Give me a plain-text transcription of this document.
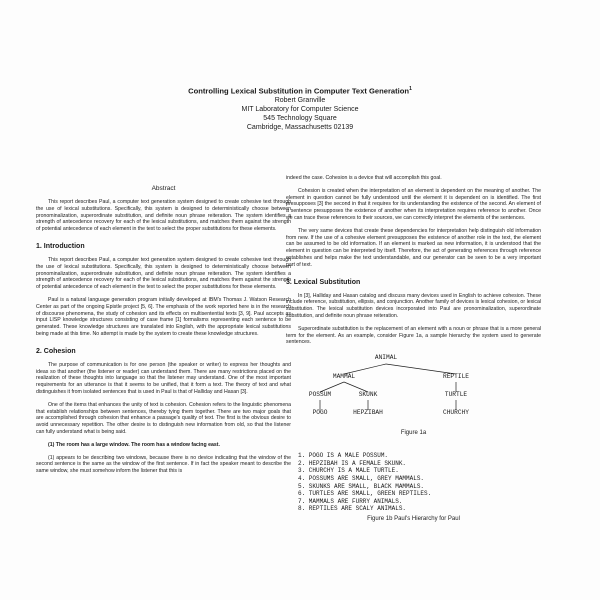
Controlling Lexical Substitution in Computer Text Generation$^1$

Robert Granville

MIT Laboratory for Computer Science

545 Technology Square

Cambridge, Massachusetts 02139

Abstract

This report describes Paul, a computer text generation system designed to create cohesive text through the use of lexical substitutions. Specifically, this system is designed to deterministically choose between pronominalization, superordinate substitution, and definite noun phrase reiteration. The system identifies a strength of antecedence recovery for each of the lexical substitutions, and matches them against the strength of potential antecedence of each element in the text to select the proper substitutions for these elements.

1. Introduction

This report describes Paul, a computer text generation system designed to create cohesive text through the use of lexical substitutions. Specifically, this system is designed to deterministically choose between pronominalization, superordinate substitution, and definite noun phrase reiteration. The system identifies a strength of antecedence recovery for each of the lexical substitutions, and matches them against the strength of potential antecedence of each element in the text to select the proper substitutions for these elements.

Paul is a natural language generation program initially developed at IBM's Thomas J. Watson Research Center as part of the ongoing Epistle project [5, 6]. The emphasis of the work reported here is in the research of discourse phenomena, the study of cohesion and its effects on multisentential texts [3, 9]. Paul accepts as input LISP knowledge structures consisting of case frame [1] formalisms representing each sentence to be generated. These knowledge structures are translated into English, with the appropriate lexical substitutions being made at this time. No attempt is made by the system to create these knowledge structures.

2. Cohesion

The purpose of communication is for one person (the speaker or writer) to express her thoughts and ideas so that another (the listener or reader) can understand them. There are many restrictions placed on the realization of these thoughts into language so that the listener may understand. One of the most important requirements for an utterance is that it seems to be unified, that it form a text. The theory of text and what distinguishes it from isolated sentences that is used in Paul is that of Halliday and Hasan [3].

One of the items that enhances the unity of text is cohesion. Cohesion refers to the linguistic phenomena that establish relationships between sentences, thereby tying them together. There are two major goals that are accomplished through cohesion that enhance a passage's quality of text. The first is the obvious desire to avoid unnecessary repetition. The other desire is to distinguish new information from old, so that the listener can fully understand what is being said.

(1) The room has a large window. The room has a window facing east.

(1) appears to be describing two windows, because there is no device indicating that the window of the second sentence is the same as the window of the first sentence. If in fact the speaker meant to describe the same window, she must somehow inform the listener that this is

indeed the case. Cohesion is a device that will accomplish this goal.

Cohesion is created when the interpretation of an element is dependent on the meaning of another. The element in question cannot be fully understood until the element it is dependent on is identified. The first presupposes [3] the second in that it requires for its understanding the existence of the second. An element of a sentence presupposes the existence of another when its interpretation requires reference to another. Once we can trace these references to their sources, we can correctly interpret the elements of the sentences.

The very same devices that create these dependencies for interpretation help distinguish old information from new. If the use of a cohesive element presupposes the existence of another role in the text, the element can be assumed to be old information. If an element is marked as new information, it is understood that the element in question can be interpreted by itself. Therefore, the act of generating references through reference establishes and helps make the text understandable, and our generator can be seen to be a very important part of text.

3. Lexical Substitution

In [3], Halliday and Hasan catalog and discuss many devices used in English to achieve cohesion. These include reference, substitution, ellipsis, and conjunction. Another family of devices is lexical cohesion, or lexical substitution. The lexical substitution devices incorporated into Paul are pronominalization, superordinate substitution, and definite noun phrase reiteration.

Superordinate substitution is the replacement of an element with a noun or phrase that is a more general term for the element. As an example, consider Figure 1a, a sample hierarchy the system used to generate sentences.

ANIMAL
MAMMAL	REPTILE
POSSUM	SKUNK	TURTLE
POGO	HEPZIBAH	CHURCHY
Figure 1a
1. POGO IS A MALE POSSUM.
2. HEPZIBAH IS A FEMALE SKUNK.
3. CHURCHY IS A MALE TURTLE.
4. POSSUMS ARE SMALL, GREY MAMMALS.
5. SKUNKS ARE SMALL, BLACK MAMMALS.
6. TURTLES ARE SMALL, GREEN REPTILES.
7. MAMMALS ARE FURRY ANIMALS.
8. REPTILES ARE SCALY ANIMALS.
Figure 1b Paul's Hierarchy for Paul
